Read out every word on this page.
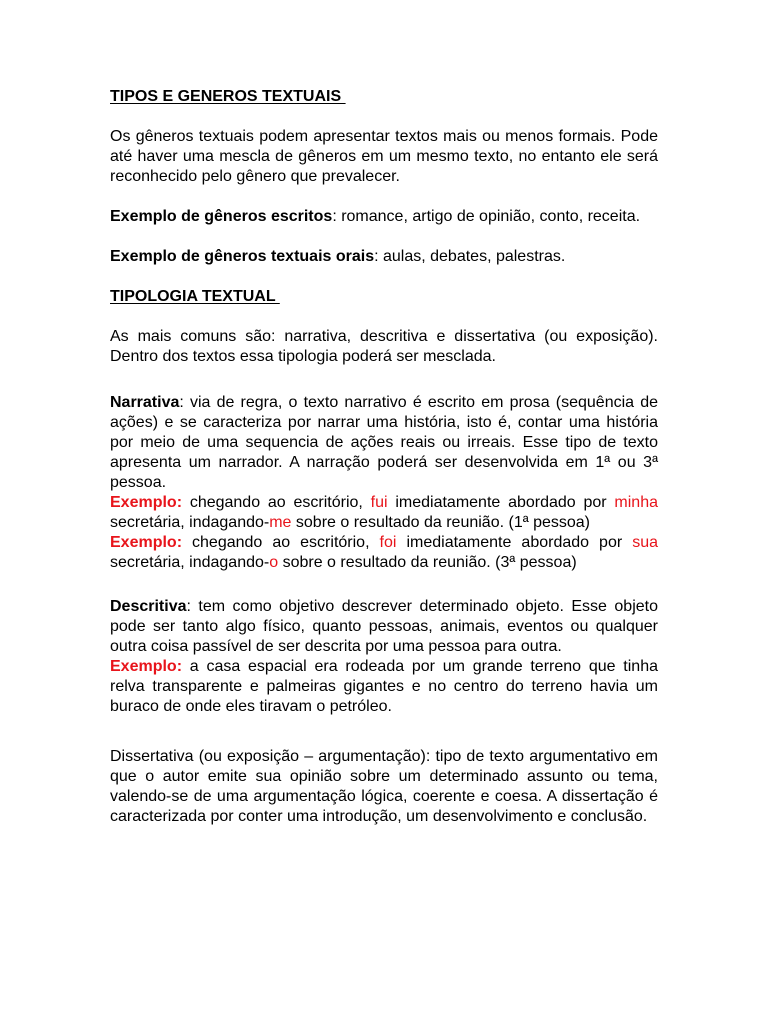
TIPOS E GENEROS TEXTUAIS

Os gêneros textuais podem apresentar textos mais ou menos formais. Pode até haver uma mescla de gêneros em um mesmo texto, no entanto ele será reconhecido pelo gênero que prevalecer.

Exemplo de gêneros escritos: romance, artigo de opinião, conto, receita.

Exemplo de gêneros textuais orais: aulas, debates, palestras.

TIPOLOGIA TEXTUAL

As mais comuns são: narrativa, descritiva e dissertativa (ou exposição). Dentro dos textos essa tipologia poderá ser mesclada.

Narrativa: via de regra, o texto narrativo é escrito em prosa (sequência de ações) e se caracteriza por narrar uma história, isto é, contar uma história por meio de uma sequencia de ações reais ou irreais. Esse tipo de texto apresenta um narrador. A narração poderá ser desenvolvida em 1ª ou 3ª pessoa.

Exemplo: chegando ao escritório, fui imediatamente abordado por minha secretária, indagando-me sobre o resultado da reunião. (1ª pessoa)

Exemplo: chegando ao escritório, foi imediatamente abordado por sua secretária, indagando-o sobre o resultado da reunião. (3ª pessoa)

Descritiva: tem como objetivo descrever determinado objeto. Esse objeto pode ser tanto algo físico, quanto pessoas, animais, eventos ou qualquer outra coisa passível de ser descrita por uma pessoa para outra.

Exemplo: a casa espacial era rodeada por um grande terreno que tinha relva transparente e palmeiras gigantes e no centro do terreno havia um buraco de onde eles tiravam o petróleo.

Dissertativa (ou exposição – argumentação): tipo de texto argumentativo em que o autor emite sua opinião sobre um determinado assunto ou tema, valendo-se de uma argumentação lógica, coerente e coesa. A dissertação é caracterizada por conter uma introdução, um desenvolvimento e conclusão.
